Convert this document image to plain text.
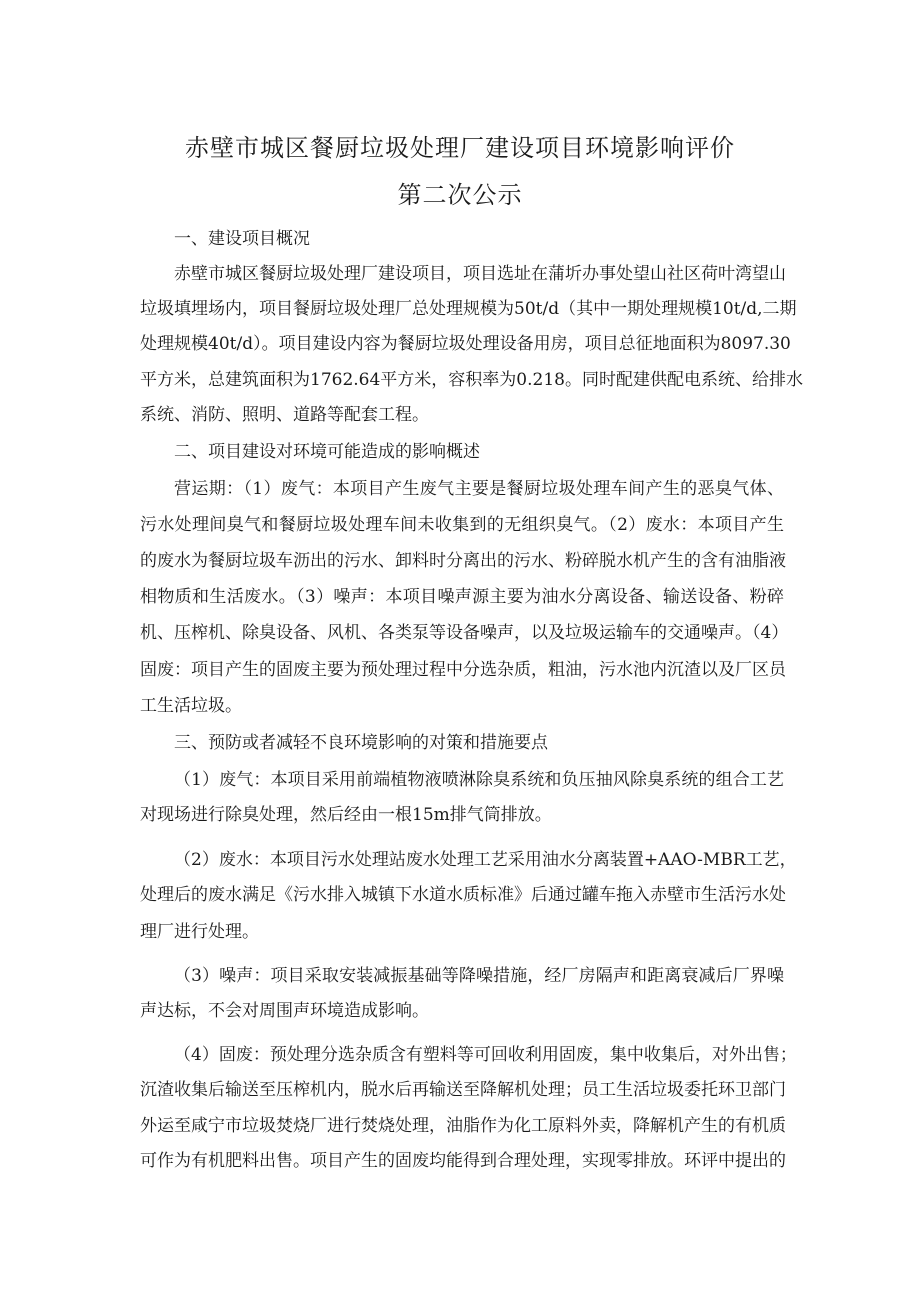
赤壁市城区餐厨垃圾处理厂建设项目环境影响评价
第二次公示
一、建设项目概况
赤壁市城区餐厨垃圾处理厂建设项目，项目选址在蒲圻办事处望山社区荷叶湾望山
垃圾填埋场内，项目餐厨垃圾处理厂总处理规模为50t/d（其中一期处理规模10t/d,二期
处理规模40t/d）。项目建设内容为餐厨垃圾处理设备用房，项目总征地面积为8097.30
平方米，总建筑面积为1762.64平方米，容积率为0.218。同时配建供配电系统、给排水
系统、消防、照明、道路等配套工程。
二、项目建设对环境可能造成的影响概述
营运期：（1）废气：本项目产生废气主要是餐厨垃圾处理车间产生的恶臭气体、
污水处理间臭气和餐厨垃圾处理车间未收集到的无组织臭气。（2）废水：本项目产生
的废水为餐厨垃圾车沥出的污水、卸料时分离出的污水、粉碎脱水机产生的含有油脂液
相物质和生活废水。（3）噪声：本项目噪声源主要为油水分离设备、输送设备、粉碎
机、压榨机、除臭设备、风机、各类泵等设备噪声，以及垃圾运输车的交通噪声。（4）
固废：项目产生的固废主要为预处理过程中分选杂质，粗油，污水池内沉渣以及厂区员
工生活垃圾。
三、预防或者减轻不良环境影响的对策和措施要点
（1）废气：本项目采用前端植物液喷淋除臭系统和负压抽风除臭系统的组合工艺
对现场进行除臭处理，然后经由一根15m排气筒排放。
（2）废水：本项目污水处理站废水处理工艺采用油水分离装置+AAO-MBR工艺，
处理后的废水满足《污水排入城镇下水道水质标准》后通过罐车拖入赤壁市生活污水处
理厂进行处理。
（3）噪声：项目采取安装减振基础等降噪措施，经厂房隔声和距离衰减后厂界噪
声达标，不会对周围声环境造成影响。
（4）固废：预处理分选杂质含有塑料等可回收利用固废，集中收集后，对外出售；
沉渣收集后输送至压榨机内，脱水后再输送至降解机处理；员工生活垃圾委托环卫部门
外运至咸宁市垃圾焚烧厂进行焚烧处理，油脂作为化工原料外卖，降解机产生的有机质
可作为有机肥料出售。项目产生的固废均能得到合理处理，实现零排放。环评中提出的
